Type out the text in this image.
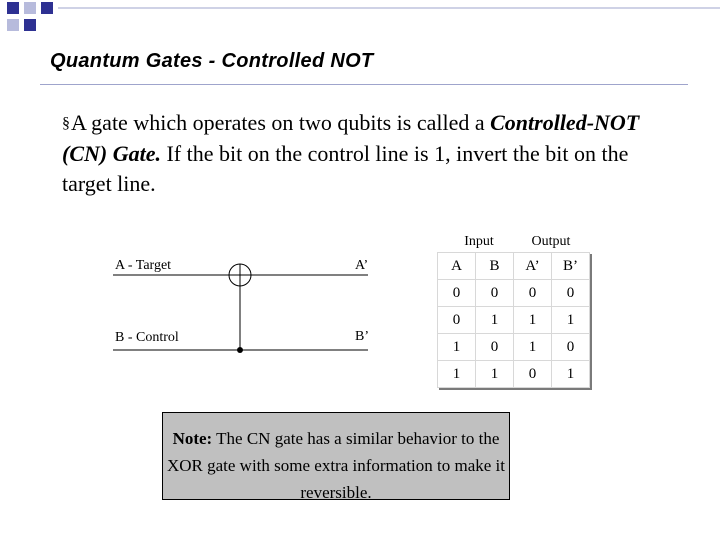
Quantum Gates - Controlled NOT

§A gate which operates on two qubits is called a Controlled-NOT (CN) Gate. If the bit on the control line is 1, invert the bit on the target line.

A - Target
B - Control
A’
B’
Input	Output
A	B	A’	B’
0	0	0	0
0	1	1	1
1	0	1	0
1	1	0	1
Note: The CN gate has a similar behavior to the XOR gate with some extra information to make it reversible.
